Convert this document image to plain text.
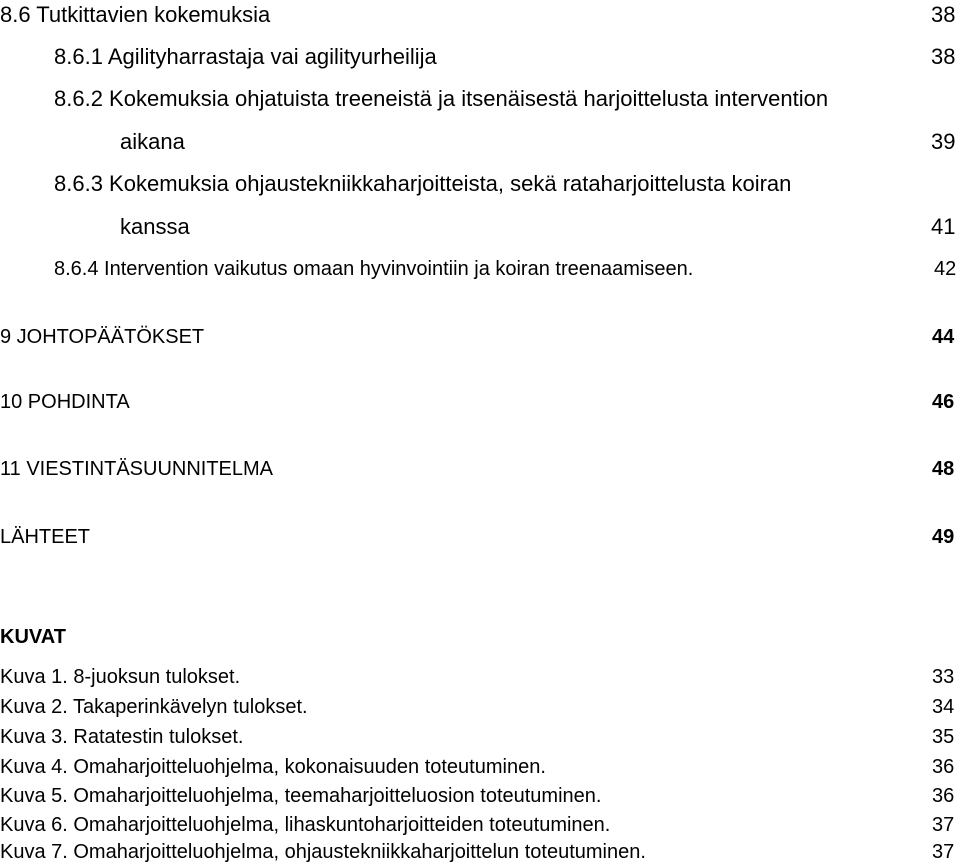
8.6 Tutkittavien kokemuksia	38
8.6.1 Agilityharrastaja vai agilityurheilija	38
8.6.2 Kokemuksia ohjatuista treeneistä ja itsenäisestä harjoittelusta intervention
aikana	39
8.6.3 Kokemuksia ohjaustekniikkaharjoitteista, sekä rataharjoittelusta koiran
kanssa	41
8.6.4 Intervention vaikutus omaan hyvinvointiin ja koiran treenaamiseen.	42
9 JOHTOPÄÄTÖKSET	44
10 POHDINTA	46
11 VIESTINTÄSUUNNITELMA	48
LÄHTEET	49
KUVAT
Kuva 1. 8-juoksun tulokset.	33
Kuva 2. Takaperinkävelyn tulokset.	34
Kuva 3. Ratatestin tulokset.	35
Kuva 4. Omaharjoitteluohjelma, kokonaisuuden toteutuminen.	36
Kuva 5. Omaharjoitteluohjelma, teemaharjoitteluosion toteutuminen.	36
Kuva 6. Omaharjoitteluohjelma, lihaskuntoharjoitteiden toteutuminen.	37
Kuva 7. Omaharjoitteluohjelma, ohjaustekniikkaharjoittelun toteutuminen.	37
